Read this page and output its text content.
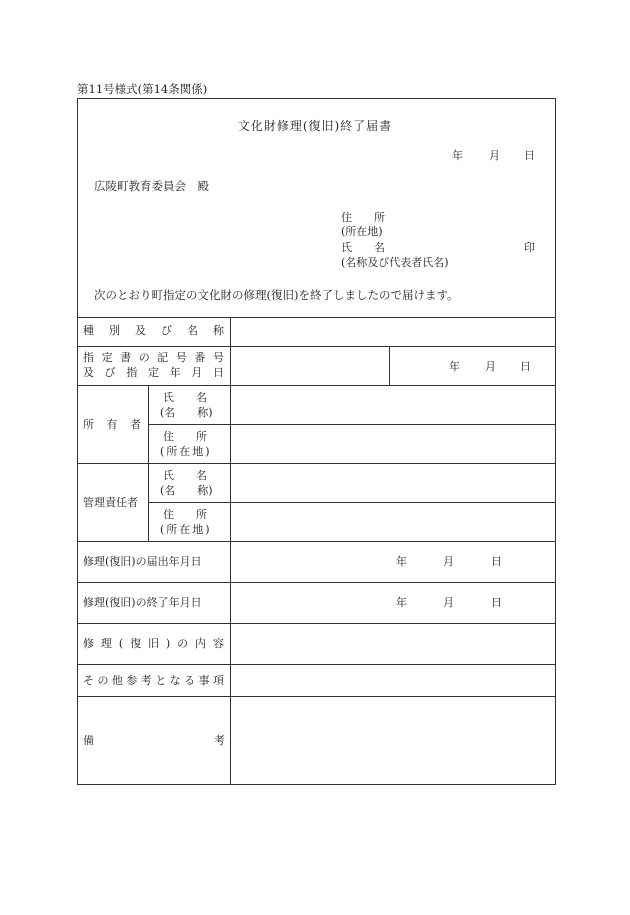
第11号様式(第14条関係)
文化財修理(復旧)終了届書
年 月 日
広陵町教育委員会　殿
住　　所
(所在地)
氏　　名	印
(名称及び代表者氏名)
次のとおり町指定の文化財の修理(復旧)を終了しましたので届けます。
種 別 及 び 名 称
指 定 書 の 記 号 番 号
及 び 指 定 年 月 日	年 月 日
所 有 者
氏　　名
(名　　称)
住　　所
(所在地)
管理責任者
氏　　名
(名　　称)
住　　所
(所在地)
修理(復旧)の届出年月日	年	月	日
修理(復旧)の終了年月日	年	月	日
修 理 ( 復 旧 ) の 内 容
そ の 他 参 考 と な る 事 項
備	考
